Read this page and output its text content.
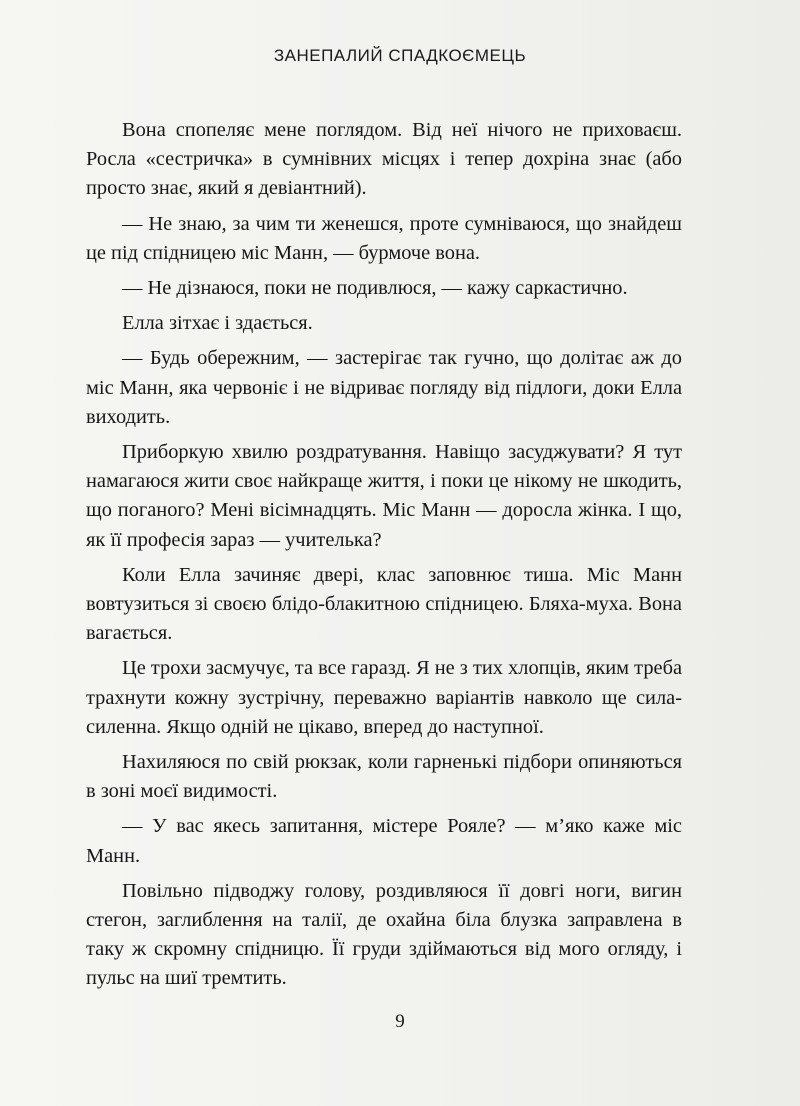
ЗАНЕПАЛИЙ СПАДКОЄМЕЦЬ

Вона спопеляє мене поглядом. Від неї нічого не приховаєш. Росла «сестричка» в сумнівних місцях і тепер дохріна знає (або просто знає, який я девіантний).

— Не знаю, за чим ти женешся, проте сумніваюся, що знайдеш це під спідницею міс Манн, — бурмоче вона.

— Не дізнаюся, поки не подивлюся, — кажу саркастично.

Елла зітхає і здається.

— Будь обережним, — застерігає так гучно, що долітає аж до міс Манн, яка червоніє і не відриває погляду від підлоги, доки Елла виходить.

Приборкую хвилю роздратування. Навіщо засуджувати? Я тут намагаюся жити своє найкраще життя, і поки це нікому не шкодить, що поганого? Мені вісімнадцять. Міс Манн — доросла жінка. І що, як її професія зараз — учителька?

Коли Елла зачиняє двері, клас заповнює тиша. Міс Манн вовтузиться зі своєю блідо-блакитною спідницею. Бляха-муха. Вона вагається.

Це трохи засмучує, та все гаразд. Я не з тих хлопців, яким треба трахнути кожну зустрічну, переважно варіантів навколо ще сила-силенна. Якщо одній не цікаво, вперед до наступної.

Нахиляюся по свій рюкзак, коли гарненькі підбори опиняються в зоні моєї видимості.

— У вас якесь запитання, містере Рояле? — м’яко каже міс Манн.

Повільно підводжу голову, роздивляюся її довгі ноги, вигин стегон, заглиблення на талії, де охайна біла блузка заправлена в таку ж скромну спідницю. Її груди здіймаються від мого огляду, і пульс на шиї тремтить.

9
